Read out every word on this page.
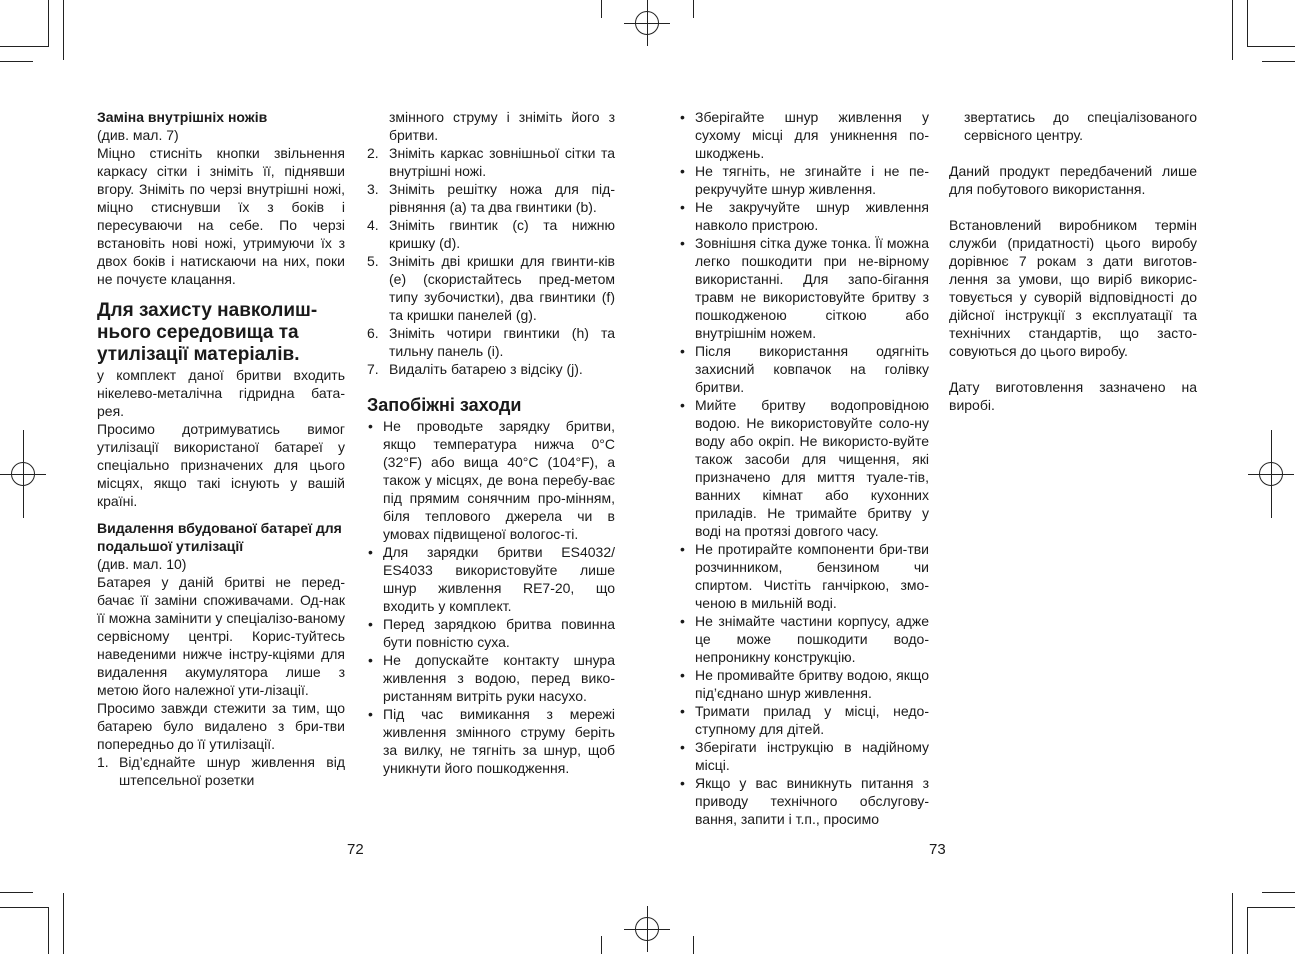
Заміна внутрішніх ножів

(див. мал. 7)

Міцно стисніть кнопки звільнення каркасу сітки і зніміть її, піднявши вгору. Зніміть по черзі внутрішні ножі, міцно стиснувши їх з боків і пересуваючи на себе. По черзі встановіть нові ножі, утримуючи їх з двох боків і натискаючи на них, поки не почуєте клацання.

Для захисту навколиш-нього середовища та утилізації матеріалів.

у комплект даної бритви входить нікелево-металічна гідридна бата-рея.

Просимо дотримуватись вимог утилізації використаної батареї у спеціально призначених для цього місцях, якщо такі існують у вашій країні.

Видалення вбудованої батареї для подальшої утилізації

(див. мал. 10)

Батарея у даній бритві не перед-бачає її заміни споживачами. Од-нак її можна замінити у спеціалізо-ваному сервісному центрі. Корис-туйтесь наведеними нижче інстру-кціями для видалення акумулятора лише з метою його належної ути-лізації.

Просимо завжди стежити за тим, що батарею було видалено з бри-тви попередньо до її утилізації.

1. Від’єднайте шнур живлення від штепсельної розетки

змінного струму і зніміть його з бритви.

2. Зніміть каркас зовнішньої сітки та внутрішні ножі.
3. Зніміть решітку ножа для під-рівняння (a) та два гвинтики (b).
4. Зніміть гвинтик (c) та нижню кришку (d).
5. Зніміть дві кришки для гвинти-ків (e) (скористайтесь пред-метом типу зубочистки), два гвинтики (f) та кришки панелей (g).
6. Зніміть чотири гвинтики (h) та тильну панель (i).
7. Видаліть батарею з відсіку (j).

Запобіжні заходи

• Не проводьте зарядку бритви, якщо температура нижча 0°C (32°F) або вища 40°C (104°F), а також у місцях, де вона перебу-ває під прямим сонячним про-мінням, біля теплового джерела чи в умовах підвищеної вологос-ті.
• Для зарядки бритви ES4032/ ES4033 використовуйте лише шнур живлення RE7-20, що входить у комплект.
• Перед зарядкою бритва повинна бути повністю суха.
• Не допускайте контакту шнура живлення з водою, перед вико-ристанням витріть руки насухо.
• Під час вимикання з мережі живлення змінного струму беріть за вилку, не тягніть за шнур, щоб уникнути його пошкодження.
• Зберігайте шнур живлення у сухому місці для уникнення по-шкоджень.
• Не тягніть, не згинайте і не пе-рекручуйте шнур живлення.
• Не закручуйте шнур живлення навколо пристрою.
• Зовнішня сітка дуже тонка. Її можна легко пошкодити при не-вірному використанні. Для запо-бігання травм не використовуйте бритву з пошкодженою сіткою або внутрішнім ножем.
• Після використання одягніть захисний ковпачок на голівку бритви.
• Мийте бритву водопровідною водою. Не використовуйте соло-ну воду або окріп. Не використо-вуйте також засоби для чищення, які призначено для миття туале-тів, ванних кімнат або кухонних приладів. Не тримайте бритву у воді на протязі довгого часу.
• Не протирайте компоненти бри-тви розчинником, бензином чи спиртом. Чистіть ганчіркою, змо-ченою в мильній воді.
• Не знімайте частини корпусу, адже це може пошкодити водо-непроникну конструкцію.
• Не промивайте бритву водою, якщо під’єднано шнур живлення.
• Тримати прилад у місці, недо-ступному для дітей.
• Зберігати інструкцію в надійному місці.
• Якщо у вас виникнуть питання з приводу технічного обслугову-вання, запити і т.п., просимо

звертатись до спеціалізованого сервісного центру.

Даний продукт передбачений лише для побутового використання.

Встановлений виробником термін служби (придатності) цього виробу дорівнює 7 рокам з дати виготов-лення за умови, що виріб викорис-товується у суворій відповідності до дійсної інструкції з експлуатації та технічних стандартів, що засто-совуються до цього виробу.

Дату виготовлення зазначено на виробі.

72	73
